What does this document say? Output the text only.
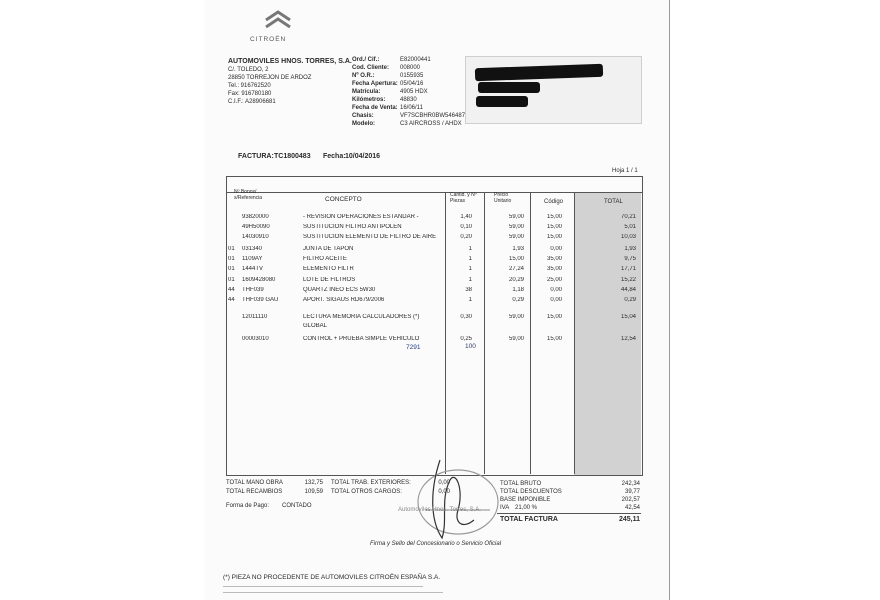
CITROËN
AUTOMOVILES HNOS. TORRES, S.A.
C/. TOLEDO, 2
28850 TORREJON DE ARDOZ
Tel.: 916762520
Fax: 916780180
C.I.F.: A28906681
Ord./ Cif.:	E82000441
Cod. Cliente: 008000
Nº O.R.:	0155935
Fecha Apertura: 05/04/16
Matrícula:	4905 HDX
Kilómetros: 48830
Fecha de Venta: 16/06/11
Chasis:	VF7SCBHR0BW546487
Modelo:	C3 AIRCROSS / AHDX
FACTURA: TC1800483 Fecha: 10/04/2016
Hoja 1 / 1
Nº Bonos/ s/Referencia	CONCEPTO
Cantid. y Nº Piezas
Precio Unitario	Código	TOTAL
93820000	- REVISION OPERACIONES ESTANDAR -	1,40	59,00	15,00	70,21
49H50090	SUSTITUCION FILTRO ANTIPOLEN	0,10	59,00	15,00	5,01
14030910	SUSTITUCION ELEMENTO DE FILTRO DE AIRE	0,20	59,00	15,00	10,03
01	031340	JUNTA DE TAPON	1	1,93	0,00	1,93
01	1109AY	FILTRO ACEITE	1	15,00	35,00	9,75
01	1444TV	ELEMENTO FILTR	1	27,24	35,00	17,71
01	1609428080	LOTE DE FILTROS	1	20,29	25,00	15,22
44	THF039	QUARTZ INEO ECS 5W30	38	1,18	0,00	44,84
44	THF039 GAU	APORT. SIGAUS RD679/2006	1	0,29	0,00	0,29
12011110	LECTURA MEMORIA CALCULADORES (*)	0,30	59,00	15,00	15,04
GLOBAL
00003010	CONTROL + PRUEBA SIMPLE VEHICULO	0,25	59,00	15,00	12,54
7291	100
TOTAL MANO OBRA	132,75
TOTAL RECAMBIOS	109,59
TOTAL TRAB. EXTERIORES:	0,00
TOTAL OTROS CARGOS:	0,00
Forma de Pago: CONTADO
TOTAL BRUTO	242,34
TOTAL DESCUENTOS	39,77
BASE IMPONIBLE	202,57
IVA 21,00 %	42,54
TOTAL FACTURA	245,11
Automoviles Hnos. Torres, S.A.
Firma y Sello del Concesionario o Servicio Oficial
(*) PIEZA NO PROCEDENTE DE AUTOMOVILES CITROËN ESPAÑA S.A.
